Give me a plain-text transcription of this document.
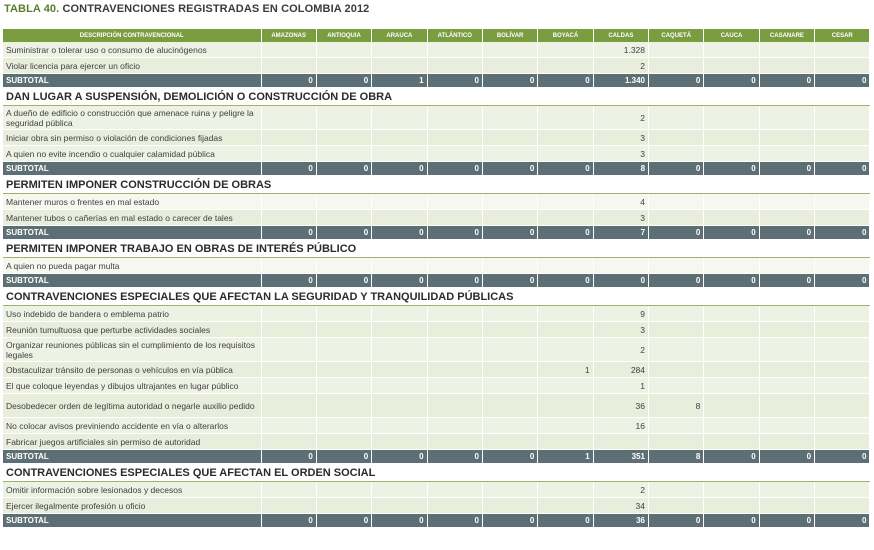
TABLA 40. CONTRAVENCIONES REGISTRADAS EN COLOMBIA 2012
DESCRIPCIÓN CONTRAVENCIONAL	AMAZONAS	ANTIOQUIA	ARAUCA	ATLÁNTICO	BOLÍVAR	BOYACÁ	CALDAS	CAQUETÁ	CAUCA	CASANARE	CESAR
Suministrar o tolerar uso o consumo de alucinógenos							1.328				
Violar licencia para ejercer un oficio							2				
SUBTOTAL	0	0	1	0	0	0	1.340	0	0	0	0
DAN LUGAR A SUSPENSIÓN, DEMOLICIÓN O CONSTRUCCIÓN DE OBRA											
A dueño de edificio o construcción que amenace ruina y peligre la seguridad pública							2				
Iniciar obra sin permiso o violación de condiciones fijadas							3				
A quien no evite incendio o cualquier calamidad pública							3				
SUBTOTAL	0	0	0	0	0	0	8	0	0	0	0
PERMITEN IMPONER CONSTRUCCIÓN DE OBRAS											
Mantener muros o frentes en mal estado							4				
Mantener tubos o cañerías en mal estado o carecer de tales							3				
SUBTOTAL	0	0	0	0	0	0	7	0	0	0	0
PERMITEN IMPONER TRABAJO EN OBRAS DE INTERÉS PÚBLICO											
A quien no pueda pagar multa											
SUBTOTAL	0	0	0	0	0	0	0	0	0	0	0
CONTRAVENCIONES ESPECIALES QUE AFECTAN LA SEGURIDAD Y TRANQUILIDAD PÚBLICAS											
Uso indebido de bandera o emblema patrio							9				
Reunión tumultuosa que perturbe actividades sociales							3				
Organizar reuniones públicas sin el cumplimiento de los requisitos legales							2				
Obstaculizar tránsito de personas o vehículos en vía pública						1	284				
El que coloque leyendas y dibujos ultrajantes en lugar público							1				
Desobedecer orden de legítima autoridad o negarle auxilio pedido							36	8			
No colocar avisos previniendo accidente en vía o alterarlos							16				
Fabricar juegos artificiales sin permiso de autoridad											
SUBTOTAL	0	0	0	0	0	1	351	8	0	0	0
CONTRAVENCIONES ESPECIALES QUE AFECTAN EL ORDEN SOCIAL											
Omitir información sobre lesionados y decesos							2				
Ejercer ilegalmente profesión u oficio							34				
SUBTOTAL	0	0	0	0	0	0	36	0	0	0	0
